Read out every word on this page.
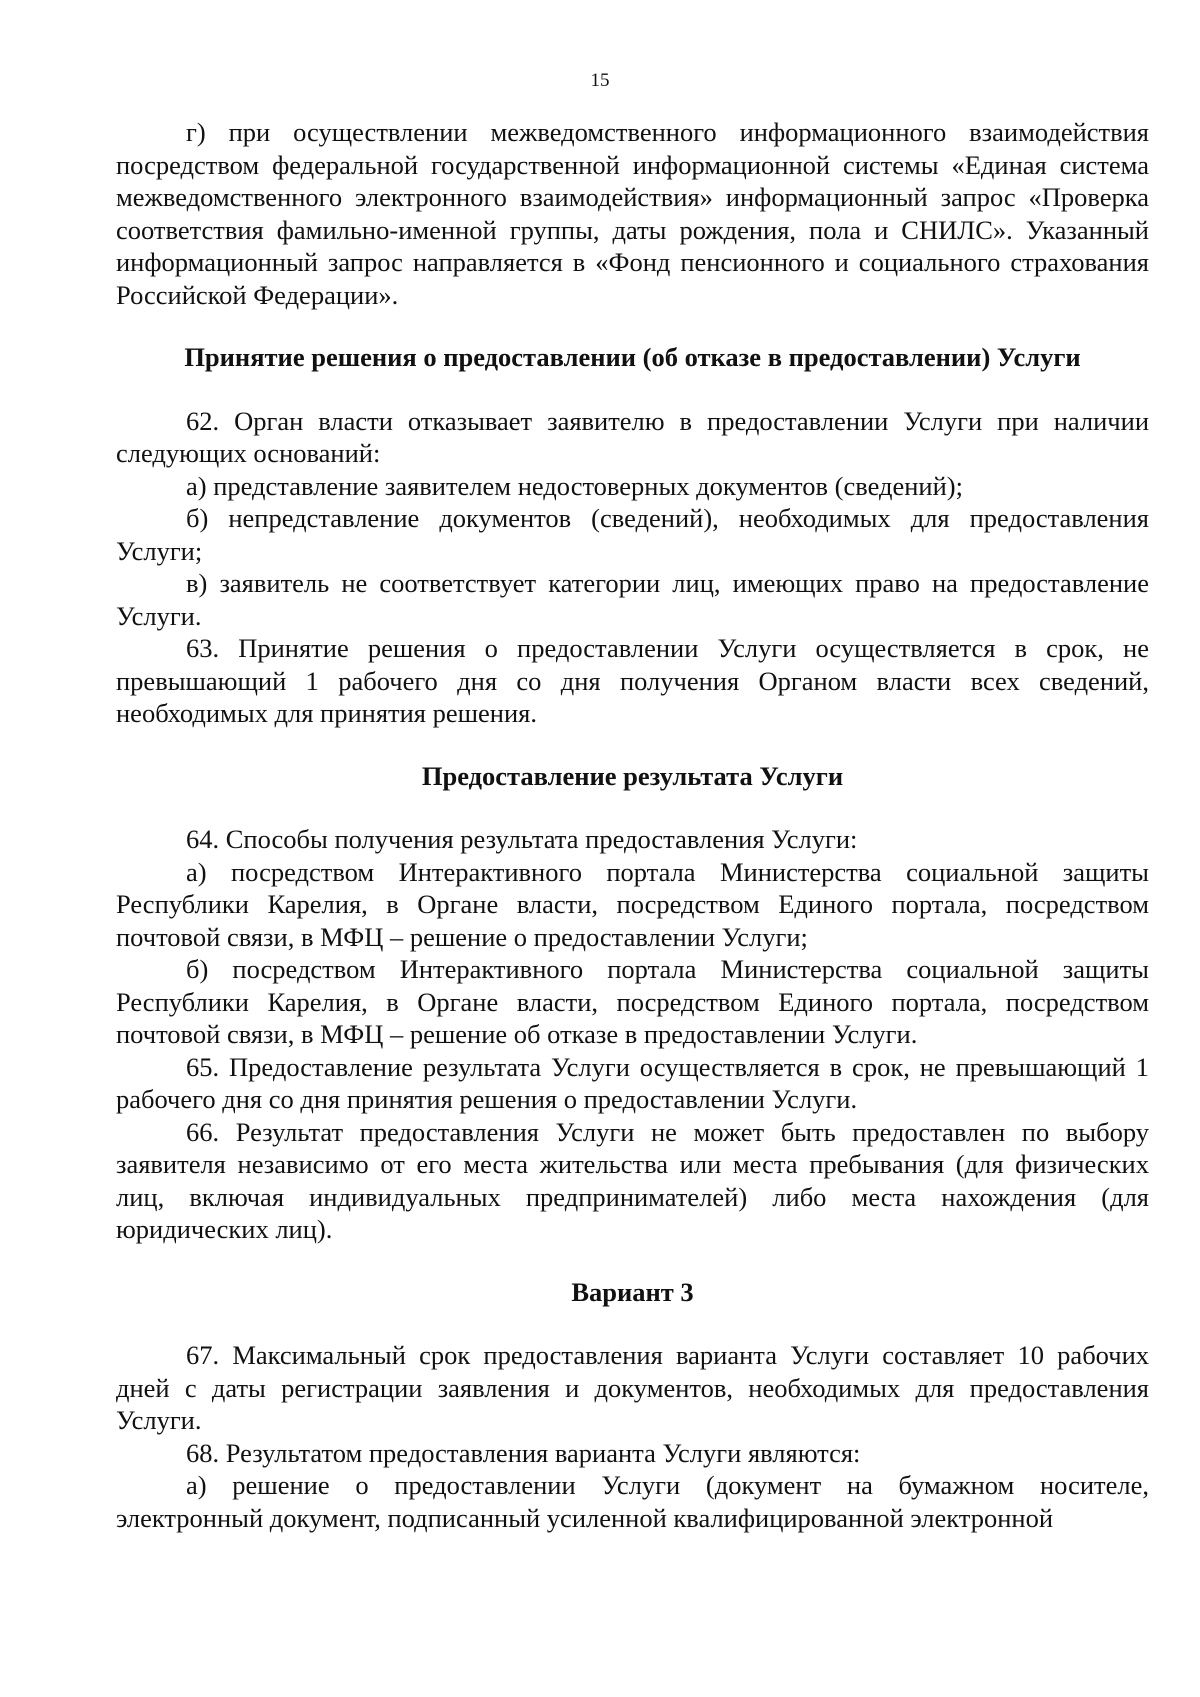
15

г) при осуществлении межведомственного информационного взаимодействия посредством федеральной государственной информационной системы «Единая система межведомственного электронного взаимодействия» информационный запрос «Проверка соответствия фамильно-именной группы, даты рождения, пола и СНИЛС». Указанный информационный запрос направляется в «Фонд пенсионного и социального страхования Российской Федерации».

Принятие решения о предоставлении (об отказе в предоставлении) Услуги

62. Орган власти отказывает заявителю в предоставлении Услуги при наличии следующих оснований:

а) представление заявителем недостоверных документов (сведений);

б) непредставление документов (сведений), необходимых для предоставления Услуги;

в) заявитель не соответствует категории лиц, имеющих право на предоставление Услуги.

63. Принятие решения о предоставлении Услуги осуществляется в срок, не превышающий 1 рабочего дня со дня получения Органом власти всех сведений, необходимых для принятия решения.

Предоставление результата Услуги

64. Способы получения результата предоставления Услуги:

а) посредством Интерактивного портала Министерства социальной защиты Республики Карелия, в Органе власти, посредством Единого портала, посредством почтовой связи, в МФЦ – решение о предоставлении Услуги;

б) посредством Интерактивного портала Министерства социальной защиты Республики Карелия, в Органе власти, посредством Единого портала, посредством почтовой связи, в МФЦ – решение об отказе в предоставлении Услуги.

65. Предоставление результата Услуги осуществляется в срок, не превышающий 1 рабочего дня со дня принятия решения о предоставлении Услуги.

66. Результат предоставления Услуги не может быть предоставлен по выбору заявителя независимо от его места жительства или места пребывания (для физических лиц, включая индивидуальных предпринимателей) либо места нахождения (для юридических лиц).

Вариант 3

67. Максимальный срок предоставления варианта Услуги составляет 10 рабочих дней с даты регистрации заявления и документов, необходимых для предоставления Услуги.

68. Результатом предоставления варианта Услуги являются:

а) решение о предоставлении Услуги (документ на бумажном носителе, электронный документ, подписанный усиленной квалифицированной электронной
